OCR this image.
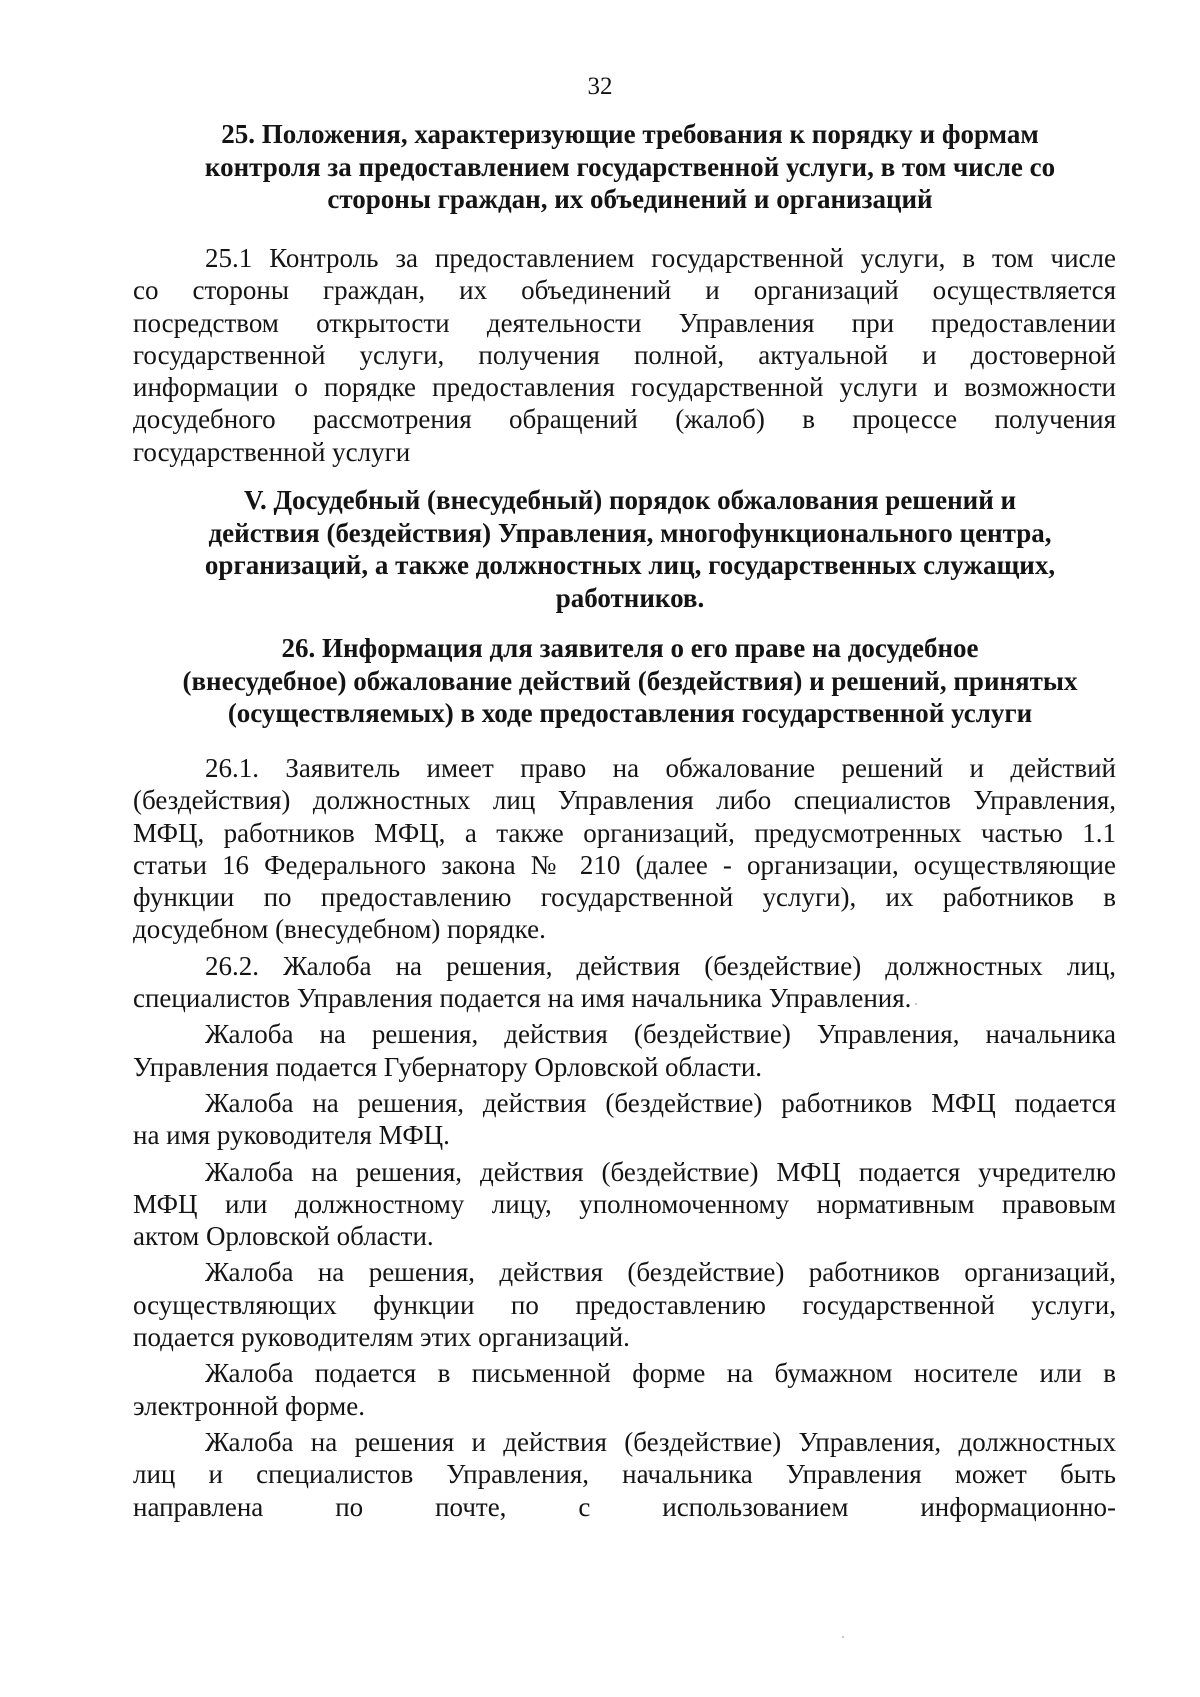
32
25. Положения, характеризующие требования к порядку и формам
контроля за предоставлением государственной услуги, в том числе со
стороны граждан, их объединений и организаций

25.1 Контроль за предоставлением государственной услуги, в том числе
со стороны граждан, их объединений и организаций осуществляется
посредством открытости деятельности Управления при предоставлении
государственной услуги, получения полной, актуальной и достоверной
информации о порядке предоставления государственной услуги и возможности
досудебного рассмотрения обращений (жалоб) в процессе получения
государственной услуги

V. Досудебный (внесудебный) порядок обжалования решений и
действия (бездействия) Управления, многофункционального центра,
организаций, а также должностных лиц, государственных служащих,
работников.
26. Информация для заявителя о его праве на досудебное
(внесудебное) обжалование действий (бездействия) и решений, принятых
(осуществляемых) в ходе предоставления государственной услуги
26.1. Заявитель имеет право на обжалование решений и действий
(бездействия) должностных лиц Управления либо специалистов Управления,
МФЦ, работников МФЦ, а также организаций, предусмотренных частью 1.1
статьи 16 Федерального закона № 210 (далее - организации, осуществляющие
функции по предоставлению государственной услуги), их работников в
досудебном (внесудебном) порядке.
26.2. Жалоба на решения, действия (бездействие) должностных лиц,
специалистов Управления подается на имя начальника Управления.
Жалоба на решения, действия (бездействие) Управления, начальника
Управления подается Губернатору Орловской области.
Жалоба на решения, действия (бездействие) работников МФЦ подается
на имя руководителя МФЦ.
Жалоба на решения, действия (бездействие) МФЦ подается учредителю
МФЦ или должностному лицу, уполномоченному нормативным правовым
актом Орловской области.
Жалоба на решения, действия (бездействие) работников организаций,
осуществляющих функции по предоставлению государственной услуги,
подается руководителям этих организаций.
Жалоба подается в письменной форме на бумажном носителе или в
электронной форме.
Жалоба на решения и действия (бездействие) Управления, должностных
лиц и специалистов Управления, начальника Управления может быть
направлена по почте, с использованием информационно-
